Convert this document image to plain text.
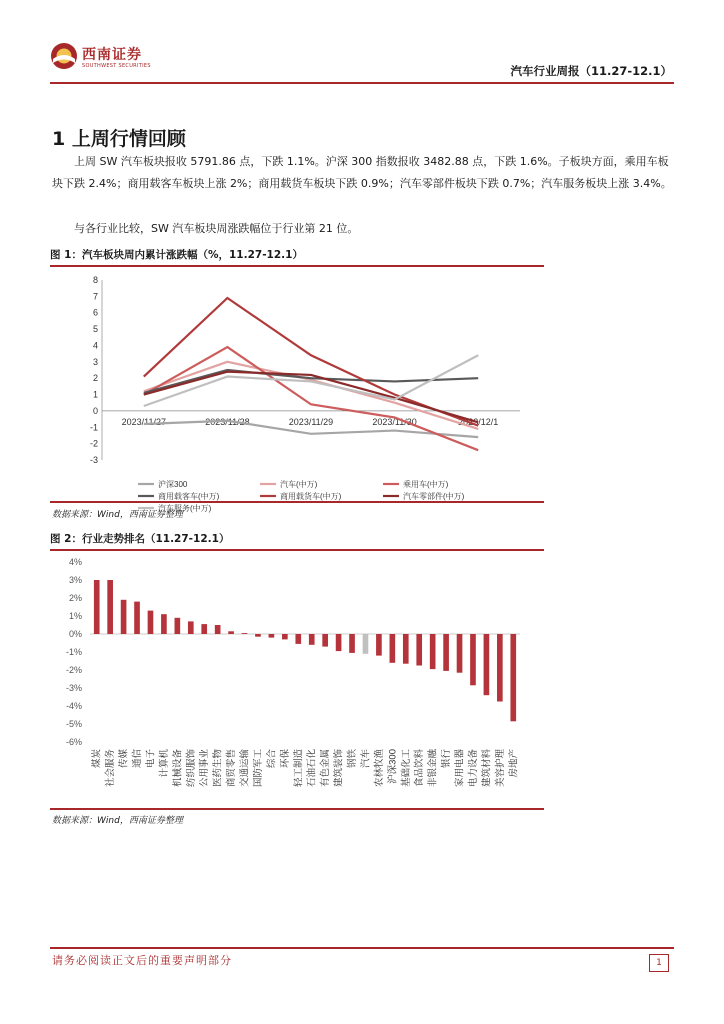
西南证券
SOUTHWEST SECURITIES	汽车行业周报（11.27-12.1）
1 上周行情回顾

上周 SW 汽车板块报收 5791.86 点，下跌 1.1%。沪深 300 指数报收 3482.88 点，下跌 1.6%。子板块方面，乘用车板块下跌 2.4%；商用载客车板块上涨 2%；商用载货车板块下跌 0.9%；汽车零部件板块下跌 0.7%；汽车服务板块上涨 3.4%。

与各行业比较，SW 汽车板块周涨跌幅位于行业第 21 位。

图 1：汽车板块周内累计涨跌幅（%，11.27-12.1）
-3
-2
-1
0
1
2
3
4
5
6
7
8
2023/11/27	2023/11/28	2023/11/29	2023/11/30	2023/12/1
沪深300	汽车(中万)	乘用车(中万)
商用载客车(中万)	商用载货车(中万)	汽车零部件(中万)
汽车服务(中万)
数据来源：Wind，西南证券整理
图 2：行业走势排名（11.27-12.1）
4%
3%
2%
1%
0%
-1%
-2%
-3%
-4%
-5%
-6%
煤炭 社会服务 传媒 通信 电子 计算机 机械设备 纺织服饰 公用事业 医药生物 商贸零售 交通运输 国防军工 综合 环保 轻工制造 石油石化 有色金属 建筑装饰 钢铁 汽车 农林牧渔 沪深300 基础化工 食品饮料 非银金融 银行 家用电器 电力设备 建筑材料 美容护理 房地产
数据来源：Wind，西南证券整理
请务必阅读正文后的重要声明部分	1
